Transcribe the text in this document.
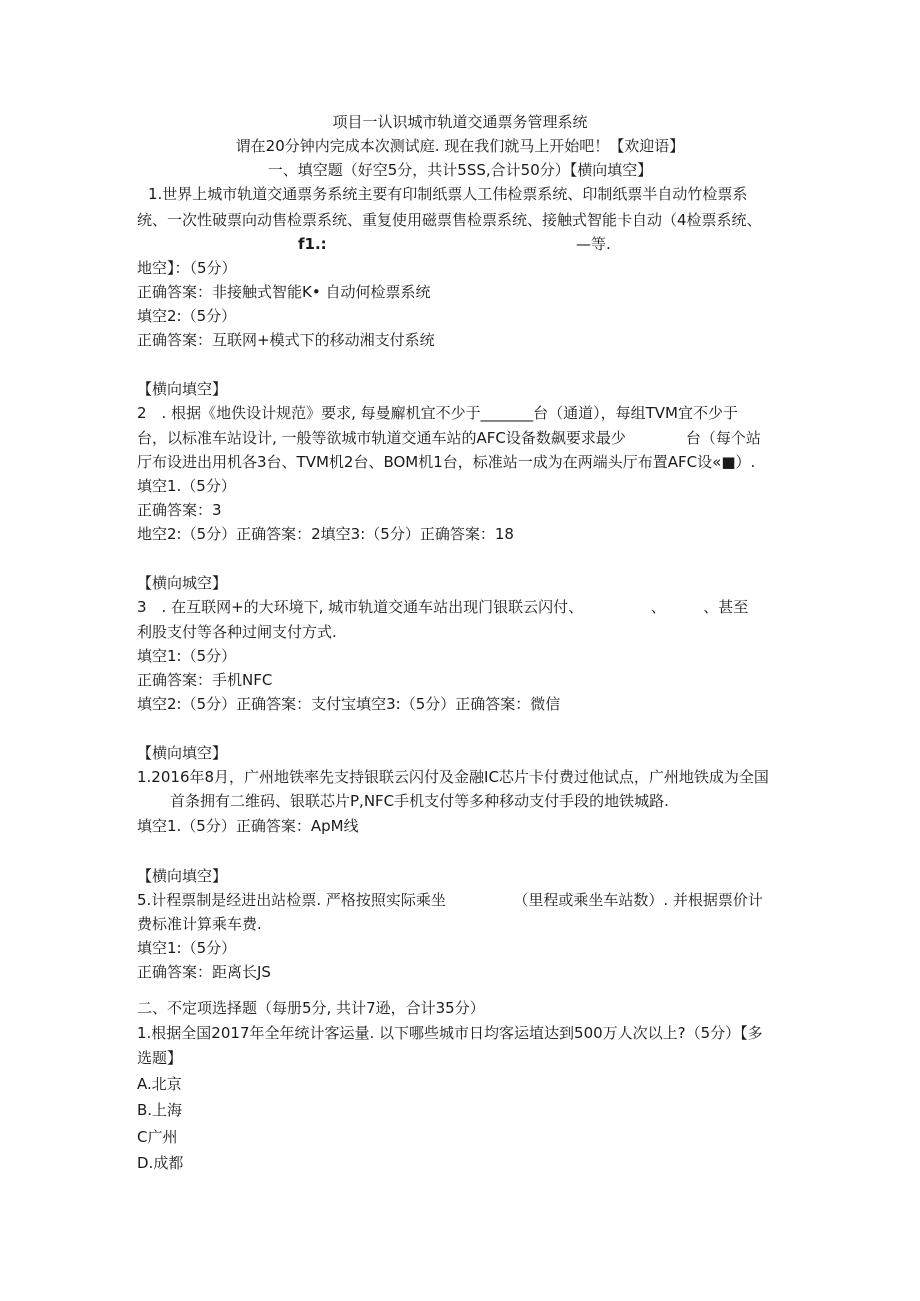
项目一认识城市轨道交通票务管理系统
谓在20分钟内完成本次测试庭. 现在我们就马上开始吧！【欢迎语】
一、填空题（好空5分，共计5SS,合计50分）【横向填空】
1.世界上城市轨道交通票务系统主要有印制纸票人工伟检票系统、印制纸票半自动竹检票系
统、一次性破票向动售检票系统、重复使用磁票售检票系统、接触式智能卡自动（4检票系统、
f1.:	—等.
地空】：（5分）
正确答案：非接触式智能K• 自动何检票系统
填空2:（5分）
正确答案：互联网+模式下的移动湘支付系统
【横向填空】
2　. 根据《地佚设计规范》要求, 每曼廨机宜不少于_______台（通道），每组TVM宜不少于
台，以标准车站设计, 一般等欲城市轨道交通车站的AFC设备数飙要求最少　　　　台（每个站
厅布设进出用机各3台、TVM机2台、BOM机1台，标准站一成为在两端头厅布置AFC设«■）.
填空1.（5分）
正确答案：3
地空2:（5分）正确答案：2填空3:（5分）正确答案：18
【横向城空】
3　. 在互联网+的大环境下, 城市轨道交通车站出现门银联云闪付、　　　　　、　　　、甚至
利股支付等各种过闸支付方式.
填空1:（5分）
正确答案：手机NFC
填空2:（5分）正确答案：支付宝填空3:（5分）正确答案：微信
【横向填空】
1.2016年8月，广州地铁率先支持银联云闪付及金融IC芯片卡付费过他试点，广州地铁成为全国
首条拥有二维码、银联芯片P,NFC手机支付等多种移动支付手段的地铁城路.
填空1.（5分）正确答案：ApM线
【横向填空】
5.计程票制是经进出站检票. 严格按照实际乘坐　　　　　（里程或乘坐车站数）. 并根据票价计
费标准计算乘车费.
填空1:（5分）
正确答案：距离长JS
二、不定项选择题（每册5分, 共计7逊，合计35分）
1.根据全国2017年全年统计客运量. 以下哪些城市日均客运埴达到500万人次以上?（5分）【多
选题】
A.北京
B.上海
C广州
D.成都
